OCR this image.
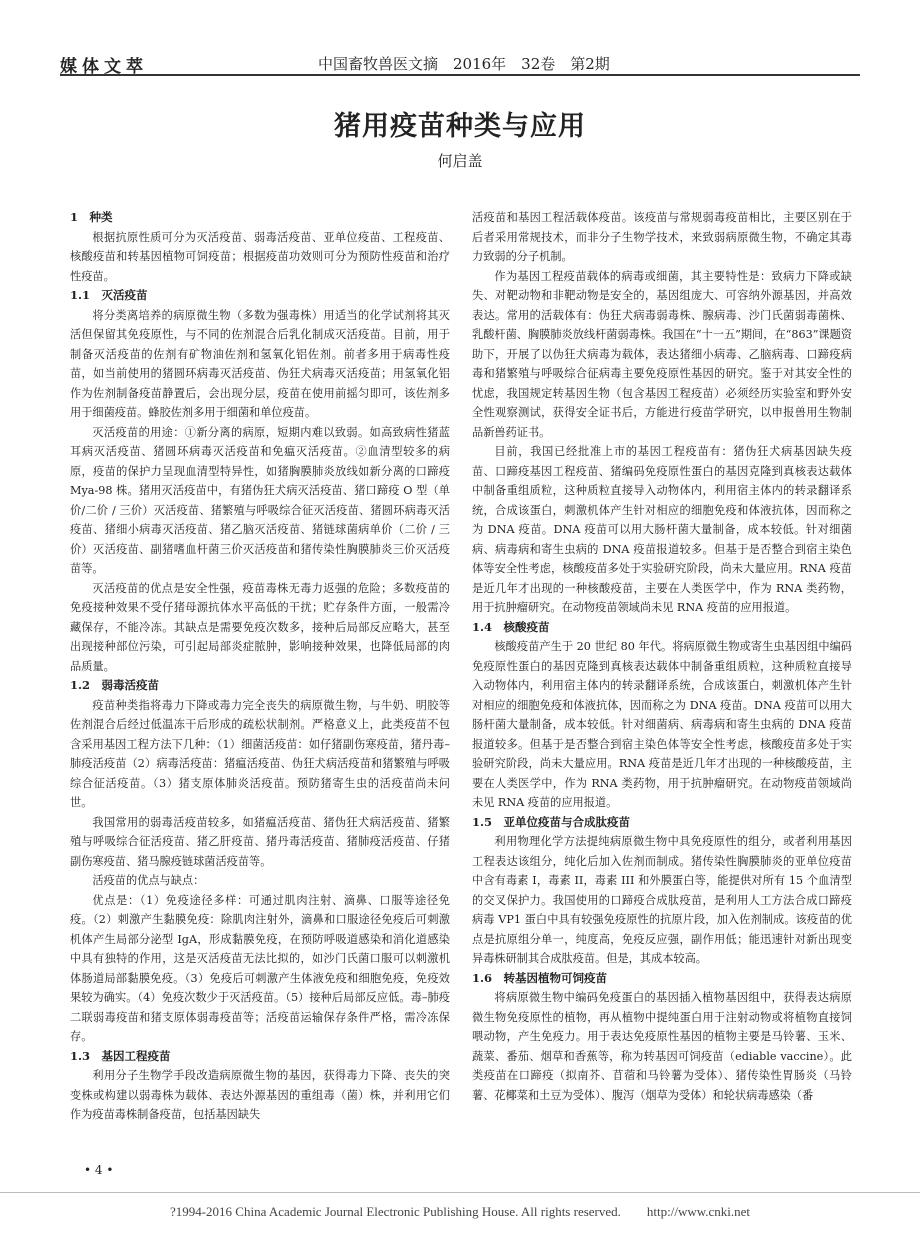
媒体文萃	中国畜牧兽医文摘　2016年　32卷　第2期
猪用疫苗种类与应用
何启盖
1　种类

根据抗原性质可分为灭活疫苗、弱毒活疫苗、亚单位疫苗、工程疫苗、核酸疫苗和转基因植物可饲疫苗；根据疫苗功效则可分为预防性疫苗和治疗性疫苗。

1.1　灭活疫苗

将分类离培养的病原微生物（多数为强毒株）用适当的化学试剂将其灭活但保留其免疫原性，与不同的佐剂混合后乳化制成灭活疫苗。目前，用于制备灭活疫苗的佐剂有矿物油佐剂和氢氧化铝佐剂。前者多用于病毒性疫苗，如当前使用的猪圆环病毒灭活疫苗、伪狂犬病毒灭活疫苗；用氢氧化铝作为佐剂制备疫苗静置后，会出现分层，疫苗在使用前摇匀即可，该佐剂多用于细菌疫苗。蜂胶佐剂多用于细菌和单位疫苗。

灭活疫苗的用途：①新分离的病原，短期内难以致弱。如高致病性猪蓝耳病灭活疫苗、猪圆环病毒灭活疫苗和免瘟灭活疫苗。②血清型较多的病原，疫苗的保护力呈现血清型特异性，如猪胸膜肺炎放线如新分离的口蹄疫 Mya-98 株。猪用灭活疫苗中，有猪伪狂犬病灭活疫苗、猪口蹄疫 O 型（单价/二价 / 三价）灭活疫苗、猪繁殖与呼吸综合征灭活疫苗、猪圆环病毒灭活疫苗、猪细小病毒灭活疫苗、猪乙脑灭活疫苗、猪链球菌病单价（二价 / 三价）灭活疫苗、副猪嗜血杆菌三价灭活疫苗和猪传染性胸膜肺炎三价灭活疫苗等。

灭活疫苗的优点是安全性强，疫苗毒株无毒力返强的危险；多数疫苗的免疫接种效果不受仔猪母源抗体水平高低的干扰；贮存条件方面，一般需冷藏保存，不能冷冻。其缺点是需要免疫次数多，接种后局部反应略大，甚至出现接种部位污染，可引起局部炎症脓肿，影响接种效果，也降低局部的肉品质量。

1.2　弱毒活疫苗

疫苗种类指将毒力下降或毒力完全丧失的病原微生物，与牛奶、明胶等佐剂混合后经过低温冻干后形成的疏松状制剂。严格意义上，此类疫苗不包含采用基因工程方法下几种：（1）细菌活疫苗：如仔猪副伤寒疫苗，猪丹毒–肺疫活疫苗（2）病毒活疫苗：猪瘟活疫苗、伪狂犬病活疫苗和猪繁殖与呼吸综合征活疫苗。（3）猪支原体肺炎活疫苗。预防猪寄生虫的活疫苗尚未问世。

我国常用的弱毒活疫苗较多，如猪瘟活疫苗、猪伪狂犬病活疫苗、猪繁殖与呼吸综合征活疫苗、猪乙肝疫苗、猪丹毒活疫苗、猪肺疫活疫苗、仔猪副伤寒疫苗、猪马腺疫链球菌活疫苗等。

活疫苗的优点与缺点：

优点是：（1）免疫途径多样：可通过肌肉注射、滴鼻、口服等途径免疫。（2）刺激产生黏膜免疫：除肌肉注射外，滴鼻和口服途径免疫后可刺激机体产生局部分泌型 IgA，形成黏膜免疫，在预防呼吸道感染和消化道感染中具有独特的作用，这是灭活疫苗无法比拟的，如沙门氏菌口服可以刺激机体肠道局部黏膜免疫。（3）免疫后可刺激产生体液免疫和细胞免疫，免疫效果较为确实。（4）免疫次数少于灭活疫苗。（5）接种后局部反应低。毒–肺疫二联弱毒疫苗和猪支原体弱毒疫苗等；活疫苗运输保存条件严格，需冷冻保存。

1.3　基因工程疫苗

利用分子生物学手段改造病原微生物的基因，获得毒力下降、丧失的突变株或构建以弱毒株为载体、表达外源基因的重组毒（菌）株，并利用它们作为疫苗毒株制备疫苗，包括基因缺失

活疫苗和基因工程活载体疫苗。该疫苗与常规弱毒疫苗相比，主要区别在于后者采用常规技术，而非分子生物学技术，来致弱病原微生物，不确定其毒力致弱的分子机制。

作为基因工程疫苗载体的病毒或细菌，其主要特性是：致病力下降或缺失、对靶动物和非靶动物是安全的，基因组庞大、可容纳外源基因，并高效表达。常用的活载体有：伪狂犬病毒弱毒株、腺病毒、沙门氏菌弱毒菌株、乳酸杆菌、胸膜肺炎放线杆菌弱毒株。我国在“十一五”期间，在“863”课题资助下，开展了以伪狂犬病毒为载体，表达猪细小病毒、乙脑病毒、口蹄疫病毒和猪繁殖与呼吸综合征病毒主要免疫原性基因的研究。鉴于对其安全性的忧虑，我国规定转基因生物（包含基因工程疫苗）必须经历实验室和野外安全性观察测试，获得安全证书后，方能进行疫苗学研究，以申报兽用生物制品新兽药证书。

目前，我国已经批准上市的基因工程疫苗有：猪伪狂犬病基因缺失疫苗、口蹄疫基因工程疫苗、猪编码免疫原性蛋白的基因克隆到真核表达载体中制备重组质粒，这种质粒直接导入动物体内，利用宿主体内的转录翻译系统，合成该蛋白，刺激机体产生针对相应的细胞免疫和体液抗体，因而称之为 DNA 疫苗。DNA 疫苗可以用大肠杆菌大量制备，成本较低。针对细菌病、病毒病和寄生虫病的 DNA 疫苗报道较多。但基于是否整合到宿主染色体等安全性考虑，核酸疫苗多处于实验研究阶段，尚未大量应用。RNA 疫苗是近几年才出现的一种核酸疫苗，主要在人类医学中，作为 RNA 类药物，用于抗肿瘤研究。在动物疫苗领域尚未见 RNA 疫苗的应用报道。

1.4　核酸疫苗

核酸疫苗产生于 20 世纪 80 年代。将病原微生物或寄生虫基因组中编码免疫原性蛋白的基因克隆到真核表达载体中制备重组质粒，这种质粒直接导入动物体内，利用宿主体内的转录翻译系统，合成该蛋白，刺激机体产生针对相应的细胞免疫和体液抗体，因而称之为 DNA 疫苗。DNA 疫苗可以用大肠杆菌大量制备，成本较低。针对细菌病、病毒病和寄生虫病的 DNA 疫苗报道较多。但基于是否整合到宿主染色体等安全性考虑，核酸疫苗多处于实验研究阶段，尚未大量应用。RNA 疫苗是近几年才出现的一种核酸疫苗，主要在人类医学中，作为 RNA 类药物，用于抗肿瘤研究。在动物疫苗领域尚未见 RNA 疫苗的应用报道。

1.5　亚单位疫苗与合成肽疫苗

利用物理化学方法提纯病原微生物中具免疫原性的组分，或者利用基因工程表达该组分，纯化后加入佐剂而制成。猪传染性胸膜肺炎的亚单位疫苗中含有毒素 I，毒素 II，毒素 III 和外膜蛋白等，能提供对所有 15 个血清型的交叉保护力。我国使用的口蹄疫合成肽疫苗，是利用人工方法合成口蹄疫病毒 VP1 蛋白中具有较强免疫原性的抗原片段，加入佐剂制成。该疫苗的优点是抗原组分单一，纯度高，免疫反应强，副作用低；能迅速针对新出现变异毒株研制其合成肽疫苗。但是，其成本较高。

1.6　转基因植物可饲疫苗

将病原微生物中编码免疫蛋白的基因插入植物基因组中，获得表达病原微生物免疫原性的植物，再从植物中提纯蛋白用于注射动物或将植物直接饲喂动物，产生免疫力。用于表达免疫原性基因的植物主要是马铃薯、玉米、蔬菜、番茄、烟草和香蕉等，称为转基因可饲疫苗（ediable vaccine）。此类疫苗在口蹄疫（拟南芥、苜蓿和马铃薯为受体）、猪传染性胃肠炎（马铃薯、花椰菜和土豆为受体）、腹泻（烟草为受体）和轮状病毒感染（番

• 4 •
?1994-2016 China Academic Journal Electronic Publishing House. All rights reserved.　　http://www.cnki.net
